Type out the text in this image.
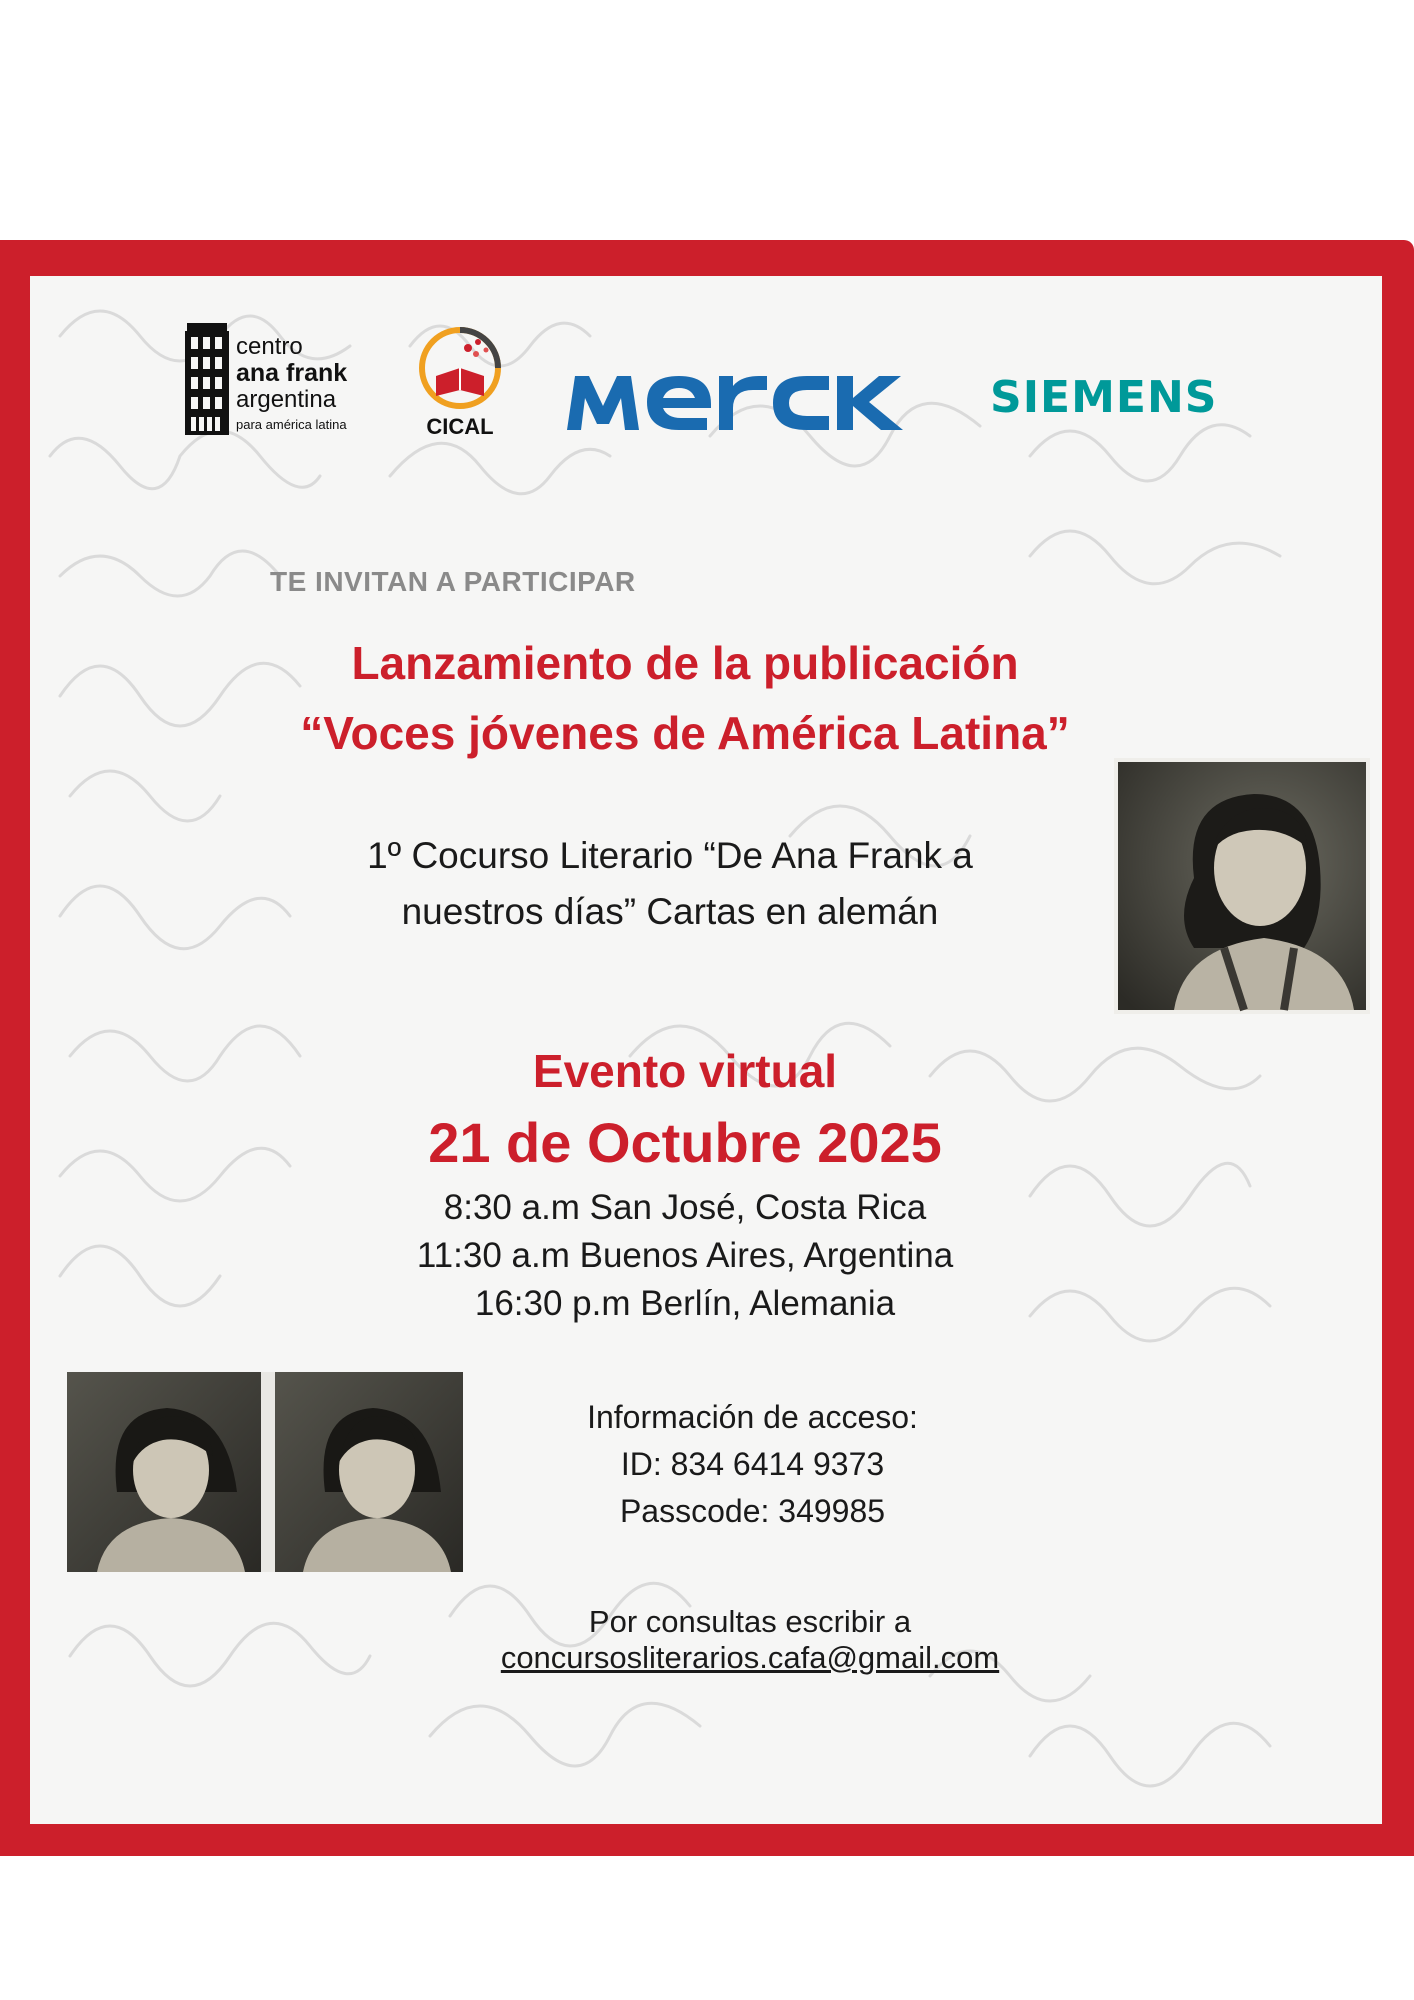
centro
ana frank
argentina
para américa latina	CICAL
SIEMENS
TE INVITAN A PARTICIPAR
Lanzamiento de la publicación
“Voces jóvenes de América Latina”
1º Cocurso Literario “De Ana Frank a
nuestros días” Cartas en alemán
Evento virtual
21 de Octubre 2025
8:30 a.m San José, Costa Rica
11:30 a.m Buenos Aires, Argentina
16:30 p.m Berlín, Alemania
Información de acceso:
ID: 834 6414 9373
Passcode: 349985
Por consultas escribir a
concursosliterarios.cafa@gmail.com
